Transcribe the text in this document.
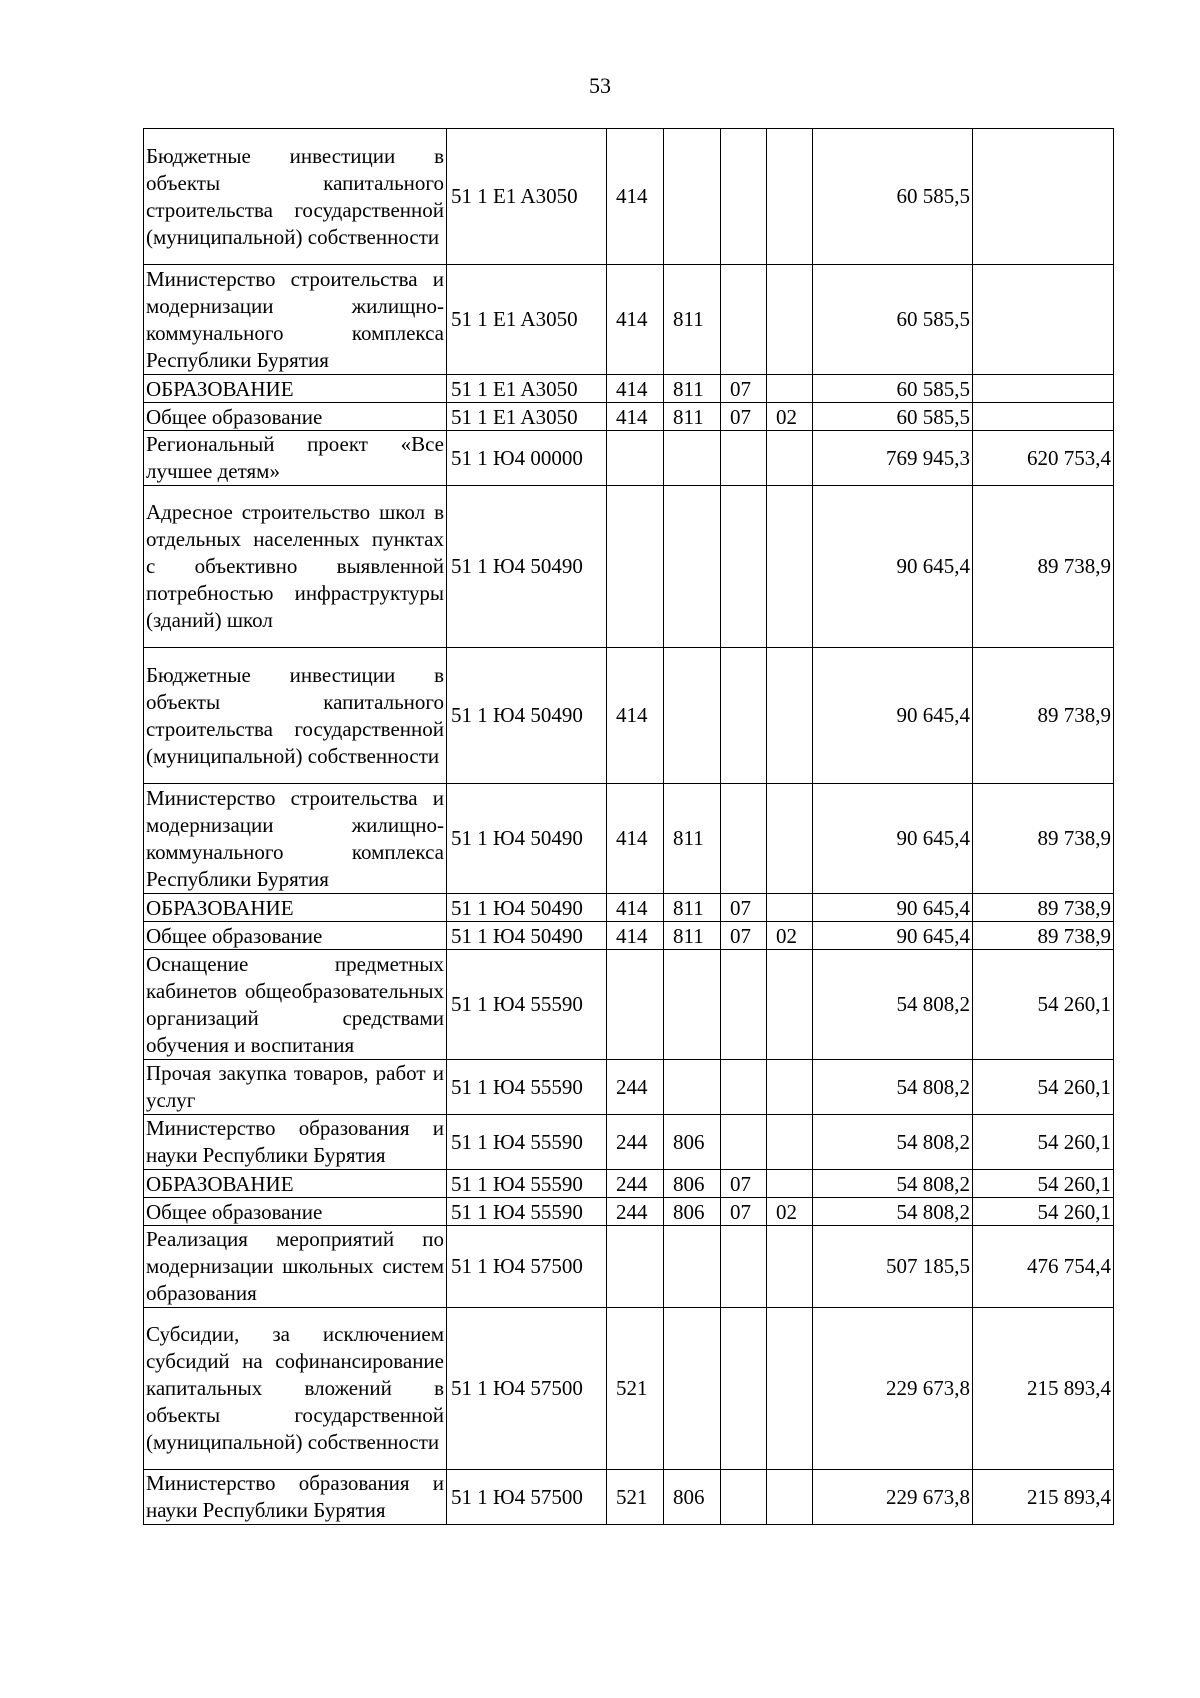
53
Бюджетные инвестиции в объекты капитального строительства государственной (муниципальной) собственности	51 1 E1 A3050	414				60 585,5	
Министерство строительства и модернизации жилищно-коммунального комплекса Республики Бурятия	51 1 E1 A3050	414	811			60 585,5	
ОБРАЗОВАНИЕ	51 1 E1 A3050	414	811	07		60 585,5	
Общее образование	51 1 E1 A3050	414	811	07	02	60 585,5	
Региональный проект «Все лучшее детям»	51 1 Ю4 00000					769 945,3	620 753,4
Адресное строительство школ в отдельных населенных пунктах с объективно выявленной потребностью инфраструктуры (зданий) школ	51 1 Ю4 50490					90 645,4	89 738,9
Бюджетные инвестиции в объекты капитального строительства государственной (муниципальной) собственности	51 1 Ю4 50490	414				90 645,4	89 738,9
Министерство строительства и модернизации жилищно-коммунального комплекса Республики Бурятия	51 1 Ю4 50490	414	811			90 645,4	89 738,9
ОБРАЗОВАНИЕ	51 1 Ю4 50490	414	811	07		90 645,4	89 738,9
Общее образование	51 1 Ю4 50490	414	811	07	02	90 645,4	89 738,9
Оснащение предметных кабинетов общеобразовательных организаций средствами обучения и воспитания	51 1 Ю4 55590					54 808,2	54 260,1
Прочая закупка товаров, работ и услуг	51 1 Ю4 55590	244				54 808,2	54 260,1
Министерство образования и науки Республики Бурятия	51 1 Ю4 55590	244	806			54 808,2	54 260,1
ОБРАЗОВАНИЕ	51 1 Ю4 55590	244	806	07		54 808,2	54 260,1
Общее образование	51 1 Ю4 55590	244	806	07	02	54 808,2	54 260,1
Реализация мероприятий по модернизации школьных систем образования	51 1 Ю4 57500					507 185,5	476 754,4
Субсидии, за исключением субсидий на софинансирование капитальных вложений в объекты государственной (муниципальной) собственности	51 1 Ю4 57500	521				229 673,8	215 893,4
Министерство образования и науки Республики Бурятия	51 1 Ю4 57500	521	806			229 673,8	215 893,4
